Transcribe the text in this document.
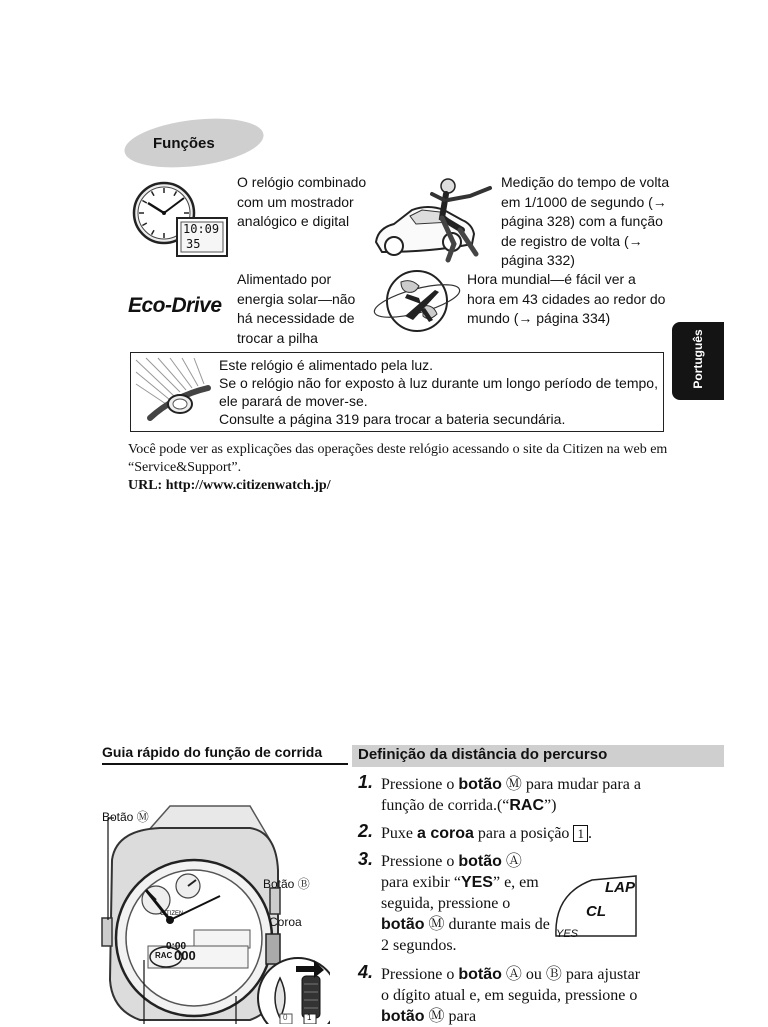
Funções
10:09
35
O relógio combinado com um mostrador analógico e digital
Medição do tempo de volta em 1/1000 de segundo (→ página 328) com a função de registro de volta (→ página 332)
Eco-Drive
Alimentado por energia solar—não há necessidade de trocar a pilha
Hora mundial—é fácil ver a hora em 43 cidades ao redor do mundo (→ página 334)
Este relógio é alimentado pela luz.
Se o relógio não for exposto à luz durante um longo período de tempo, ele parará de mover-se.
Consulte a página 319 para trocar a bateria secundária.
Você pode ver as explicações das operações deste relógio acessando o site da Citizen na web em “Service&Support”.
URL: http://www.citizenwatch.jp/
Português
Guia rápido do função de corrida Definição da distância do percurso
0:00
000
RAC
CITIZEN
0 1
Botão Ⓜ
Botão Ⓑ
Coroa
1. Pressione o botão Ⓜ para mudar para a função de corrida.(“RAC”)
2. Puxe a coroa para a posição 1 .
3. Pressione o botão Ⓐ para exibir “YES” e, em seguida, pressione o botão Ⓜ durante mais de 2 segundos.
LAP
CL
YES
4. Pressione o botão Ⓐ ou Ⓑ para ajustar o dígito atual e, em seguida, pressione o botão Ⓜ para
